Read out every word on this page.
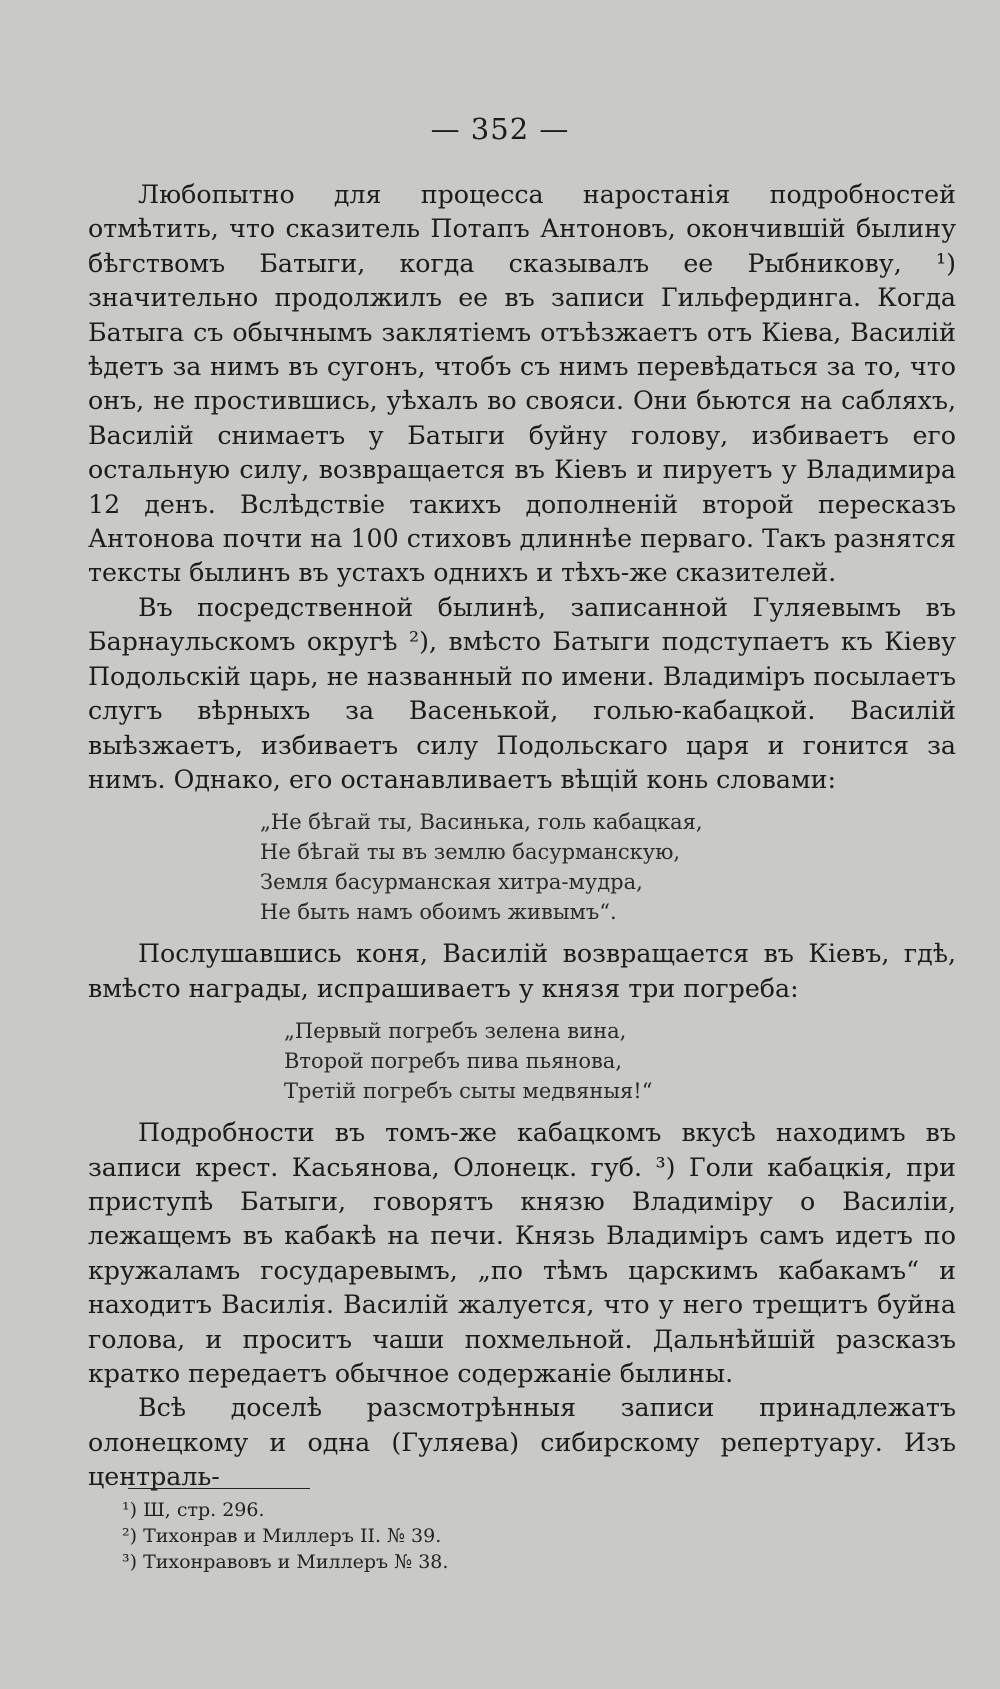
— 352 —

Любопытно для процесса наростанія подробностей отмѣтить, что сказитель Потапъ Антоновъ, окончившій былину бѣгствомъ Батыги, когда сказывалъ ее Рыбникову, ¹) значительно продолжилъ ее въ записи Гильфердинга. Когда Батыга съ обычнымъ заклятіемъ отъѣзжаетъ отъ Кіева, Василій ѣдетъ за нимъ въ сугонъ, чтобъ съ нимъ перевѣдаться за то, что онъ, не простившись, уѣхалъ во свояси. Они бьются на сабляхъ, Василій снимаетъ у Батыги буйну голову, избиваетъ его остальную силу, возвращается въ Кіевъ и пируетъ у Владимира 12 денъ. Вслѣдствіе такихъ дополненій второй пересказъ Антонова почти на 100 стиховъ длиннѣе перваго. Такъ разнятся тексты былинъ въ устахъ однихъ и тѣхъ-же сказителей.

Въ посредственной былинѣ, записанной Гуляевымъ въ Барнаульскомъ округѣ ²), вмѣсто Батыги подступаетъ къ Кіеву Подольскій царь, не названный по имени. Владиміръ посылаетъ слугъ вѣрныхъ за Васенькой, голью-кабацкой. Василій выѣзжаетъ, избиваетъ силу Подольскаго царя и гонится за нимъ. Однако, его останавливаетъ вѣщій конь словами:

„Не бѣгай ты, Васинька, голь кабацкая,
Не бѣгай ты въ землю басурманскую,
Земля басурманская хитра-мудра,
Не быть намъ обоимъ живымъ“.

Послушавшись коня, Василій возвращается въ Кіевъ, гдѣ, вмѣсто награды, испрашиваетъ у князя три погреба:

„Первый погребъ зелена вина,
Второй погребъ пива пьянова,
Третій погребъ сыты медвяныя!“

Подробности въ томъ-же кабацкомъ вкусѣ находимъ въ записи крест. Касьянова, Олонецк. губ. ³) Голи кабацкія, при приступѣ Батыги, говорятъ князю Владиміру о Василіи, лежащемъ въ кабакѣ на печи. Князь Владиміръ самъ идетъ по кружаламъ государевымъ, „по тѣмъ царскимъ кабакамъ“ и находитъ Василія. Василій жалуется, что у него трещитъ буйна голова, и проситъ чаши похмельной. Дальнѣйшій разсказъ кратко передаетъ обычное содержаніе былины.

Всѣ доселѣ разсмотрѣнныя записи принадлежатъ олонецкому и одна (Гуляева) сибирскому репертуару. Изъ централь-

¹) Ш, стр. 296.
²) Тихонрав и Миллеръ II. № 39.
³) Тихонравовъ и Миллеръ № 38.
